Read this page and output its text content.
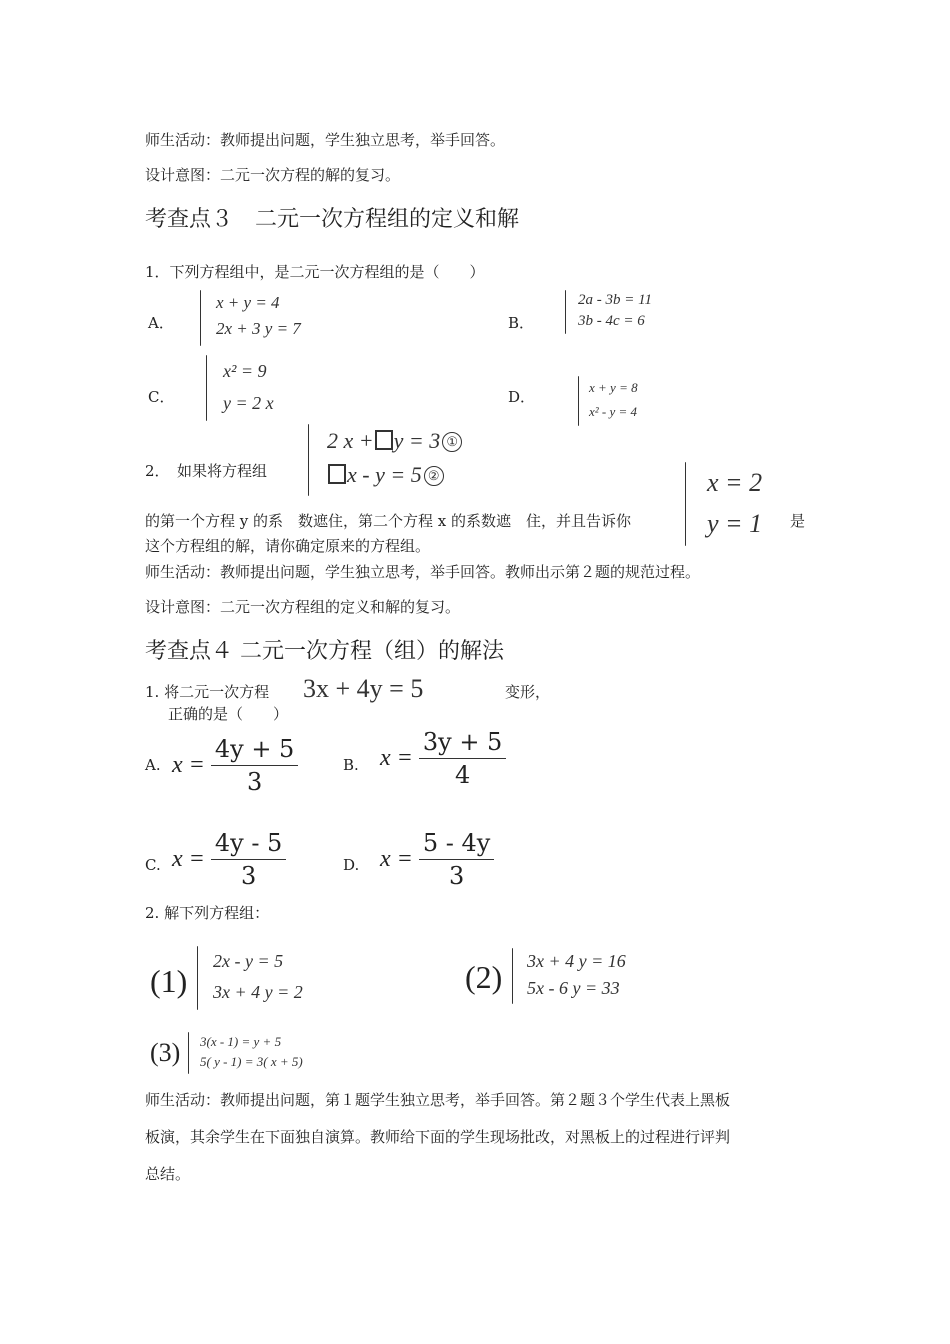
师生活动：教师提出问题，学生独立思考，举手回答。
设计意图：二元一次方程的解的复习。
考查点３　二元一次方程组的定义和解
1．下列方程组中，是二元一次方程组的是（　　）
A．
x + y = 4
2x + 3 y = 7	B．
2a - 3b = 11
3b - 4c = 6
C．
x² = 9
y = 2 x	D．
x + y = 8
x² - y = 4
2．　如果将方程组
2 x + y = 3 ①
x - y = 5 ②	x = 2
y = 1
的第一个方程 y 的系　数遮住，第二个方程 x 的系数遮　住，并且告诉你	是
这个方程组的解，请你确定原来的方程组。
师生活动：教师提出问题，学生独立思考，举手回答。教师出示第２题的规范过程。
设计意图：二元一次方程组的定义和解的复习。
考查点４ 二元一次方程（组）的解法
1. 将二元一次方程 3x + 4y = 5	变形，
正确的是（　　）
A. $x = \frac{4y + 5}{3}$	B. $x = \frac{3y + 5}{4}$
C. $x = \frac{4y - 5}{3}$	D. $x = \frac{5 - 4y}{3}$
2. 解下列方程组：
(1)
2x - y = 5
3x + 4 y = 2	(2)	3x + 4 y = 16
5x - 6 y = 33
(3)	3(x - 1) = y + 5
5( y - 1) = 3( x + 5)
师生活动：教师提出问题，第１题学生独立思考，举手回答。第２题３个学生代表上黑板
板演，其余学生在下面独自演算。教师给下面的学生现场批改，对黑板上的过程进行评判
总结。
